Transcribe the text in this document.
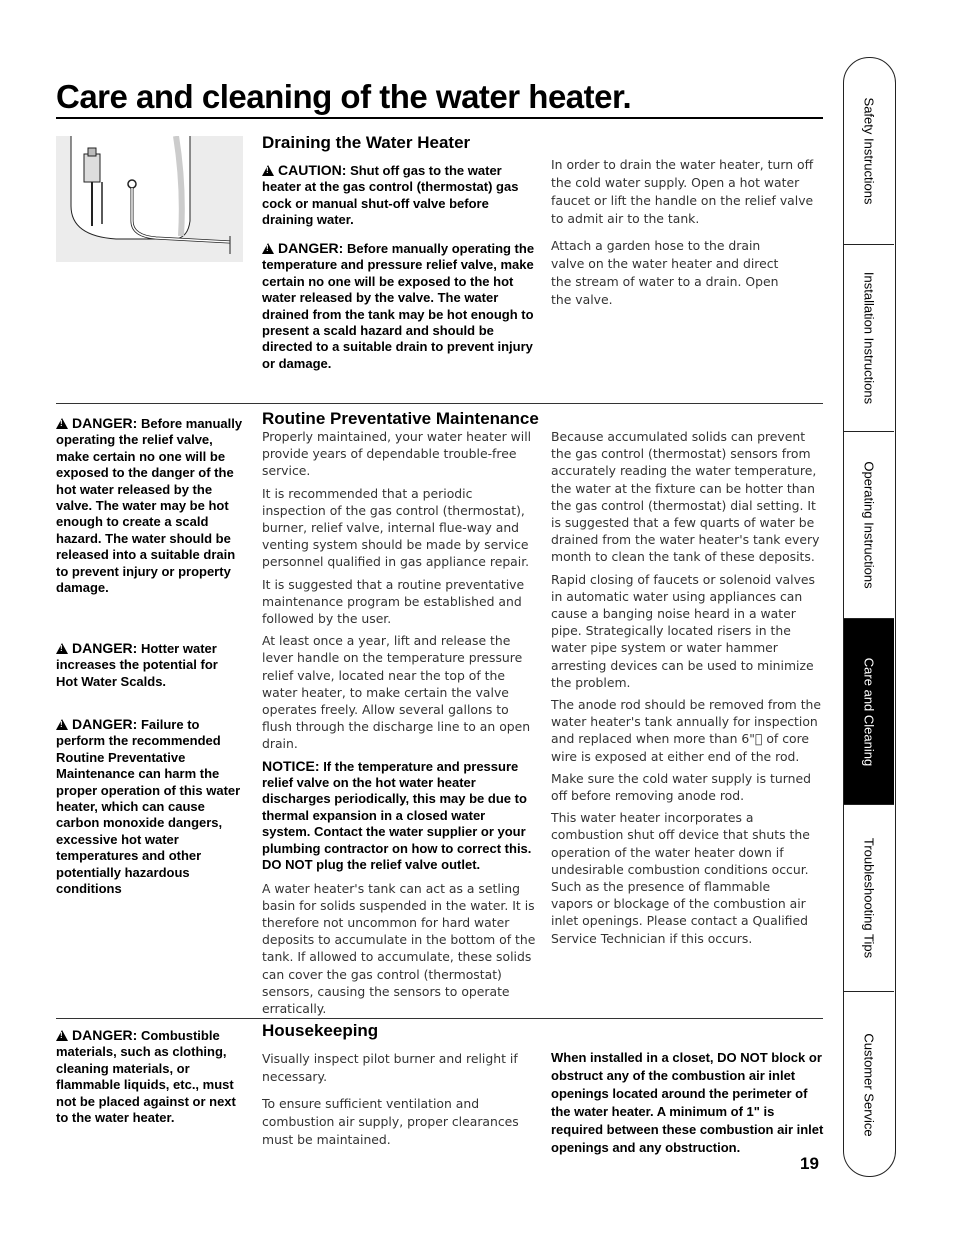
Care and cleaning of the water heater.
Draining the Water Heater
!CAUTION: Shut off gas to the water heater at the gas control (thermostat) gas cock or manual shut-off valve before draining water.
!DANGER: Before manually operating the temperature and pressure relief valve, make certain no one will be exposed to the hot water released by the valve. The water drained from the tank may be hot enough to present a scald hazard and should be directed to a suitable drain to prevent injury or damage.

In order to drain the water heater, turn off the cold water supply. Open a hot water faucet or lift the handle on the relief valve to admit air to the tank.

Attach a garden hose to the drain valve on the water heater and direct the stream of water to a drain. Open the valve.

!DANGER: Before manually operating the relief valve, make certain no one will be exposed to the danger of the hot water released by the valve. The water may be hot enough to create a scald hazard. The water should be released into a suitable drain to prevent injury or property damage.
!DANGER: Hotter water increases the potential for Hot Water Scalds.
!DANGER: Failure to perform the recommended Routine Preventative Maintenance can harm the proper operation of this water heater, which can cause carbon monoxide dangers, excessive hot water temperatures and other potentially hazardous conditions
Routine Preventative Maintenance

Properly maintained, your water heater will provide years of dependable trouble-free service.

It is recommended that a periodic inspection of the gas control (thermostat), burner, relief valve, internal flue-way and venting system should be made by service personnel qualified in gas appliance repair.

It is suggested that a routine preventative maintenance program be established and followed by the user.

At least once a year, lift and release the lever handle on the temperature pressure relief valve, located near the top of the water heater, to make certain the valve operates freely. Allow several gallons to flush through the discharge line to an open drain.

NOTICE: If the temperature and pressure relief valve on the hot water heater discharges periodically, this may be due to thermal expansion in a closed water system. Contact the water supplier or your plumbing contractor on how to correct this. DO NOT plug the relief valve outlet.

A water heater's tank can act as a setling basin for solids suspended in the water. It is therefore not uncommon for hard water deposits to accumulate in the bottom of the tank. If allowed to accumulate, these solids can cover the gas control (thermostat) sensors, causing the sensors to operate erratically.

Because accumulated solids can prevent the gas control (thermostat) sensors from accurately reading the water temperature, the water at the fixture can be hotter than the gas control (thermostat) dial setting. It is suggested that a few quarts of water be drained from the water heater's tank every month to clean the tank of these deposits.

Rapid closing of faucets or solenoid valves in automatic water using appliances can cause a banging noise heard in a water pipe. Strategically located risers in the water pipe system or water hammer arresting devices can be used to minimize the problem.

The anode rod should be removed from the water heater's tank annually for inspection and replaced when more than 6"  of core wire is exposed at either end of the rod.

Make sure the cold water supply is turned off before removing anode rod.

This water heater incorporates a combustion shut off device that shuts the operation of the water heater down if undesirable combustion conditions occur. Such as the presence of flammable vapors or blockage of the combustion air inlet openings. Please contact a Qualified Service Technician if this occurs.

!DANGER: Combustible materials, such as clothing, cleaning materials, or flammable liquids, etc., must not be placed against or next to the water heater.
Housekeeping

Visually inspect pilot burner and relight if necessary.

To ensure sufficient ventilation and combustion air supply, proper clearances must be maintained.

When installed in a closet, DO NOT block or obstruct any of the combustion air inlet openings located around the perimeter of the water heater. A minimum of 1" is required between these combustion air inlet openings and any obstruction.
19
Safety Instructions
Installation Instructions
Operating Instructions
Care and Cleaning
Troubleshooting Tips
Customer Service
